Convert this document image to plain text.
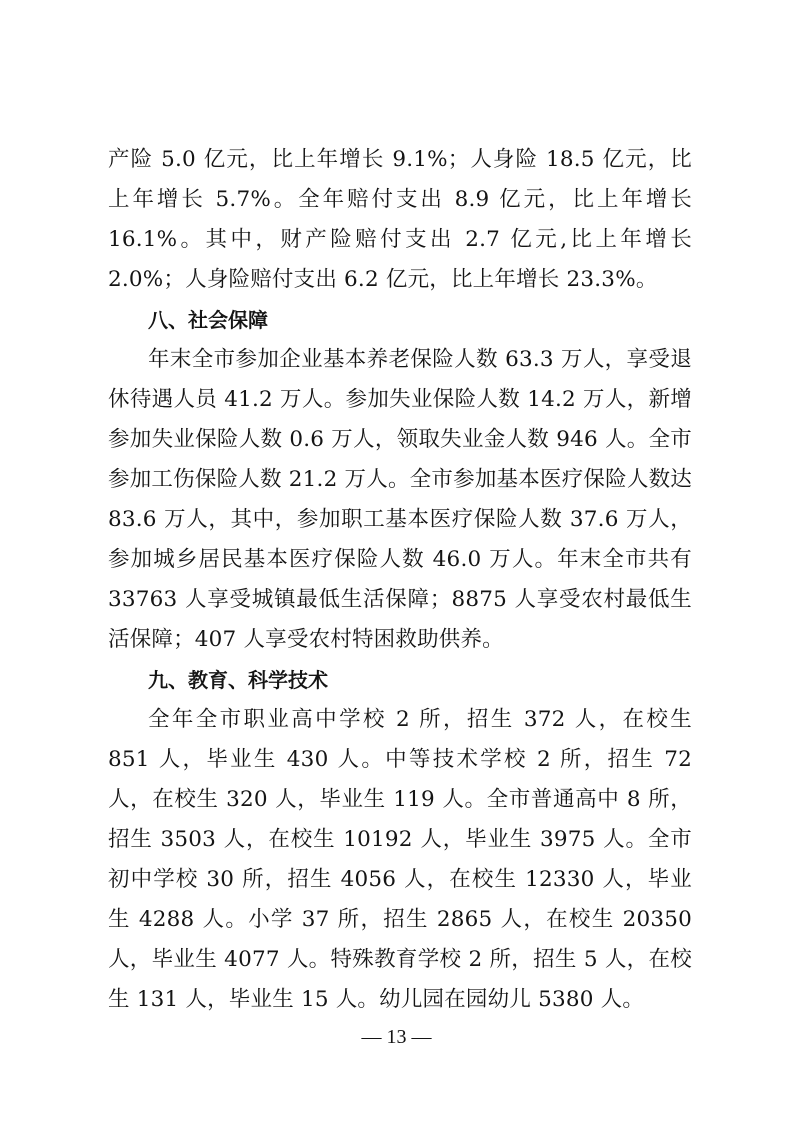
产险 5.0 亿元，比上年增长 9.1%；人身险 18.5 亿元，比上年增长 5.7%。全年赔付支出 8.9 亿元，比上年增长 16.1%。其中，财产险赔付支出 2.7 亿元,比上年增长 2.0%；人身险赔付支出 6.2 亿元，比上年增长 23.3%。

八、社会保障

年末全市参加企业基本养老保险人数 63.3 万人，享受退休待遇人员 41.2 万人。参加失业保险人数 14.2 万人，新增参加失业保险人数 0.6 万人，领取失业金人数 946 人。全市参加工伤保险人数 21.2 万人。全市参加基本医疗保险人数达 83.6 万人，其中，参加职工基本医疗保险人数 37.6 万人，参加城乡居民基本医疗保险人数 46.0 万人。年末全市共有 33763 人享受城镇最低生活保障；8875 人享受农村最低生活保障；407 人享受农村特困救助供养。

九、教育、科学技术

全年全市职业高中学校 2 所，招生 372 人，在校生 851 人，毕业生 430 人。中等技术学校 2 所，招生 72 人，在校生 320 人，毕业生 119 人。全市普通高中 8 所，招生 3503 人，在校生 10192 人，毕业生 3975 人。全市初中学校 30 所，招生 4056 人，在校生 12330 人，毕业生 4288 人。小学 37 所，招生 2865 人，在校生 20350 人，毕业生 4077 人。特殊教育学校 2 所，招生 5 人，在校生 131 人，毕业生 15 人。幼儿园在园幼儿 5380 人。

— 13 —
